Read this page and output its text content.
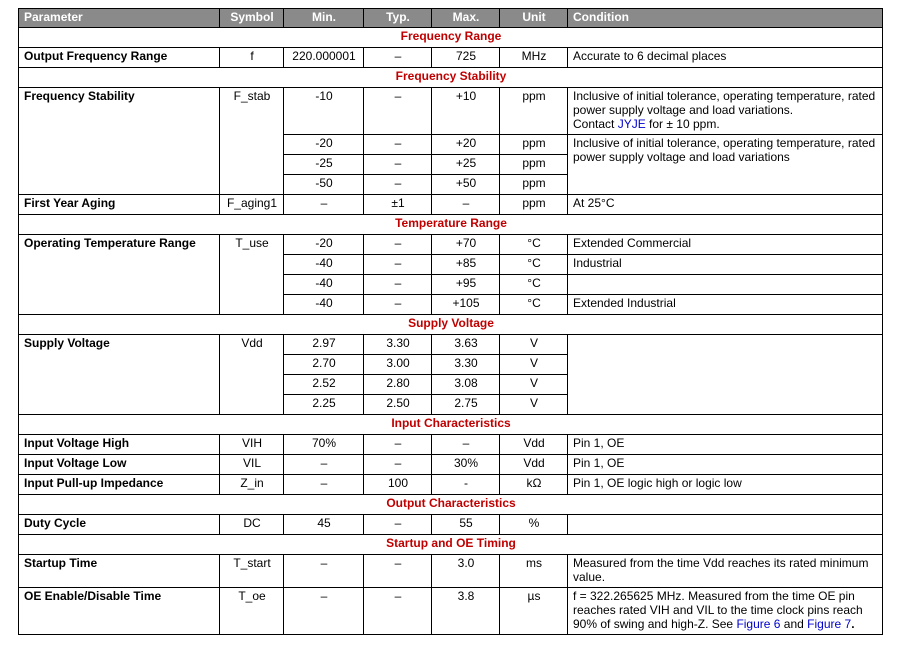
Parameter	Symbol	Min.	Typ.	Max.	Unit	Condition
Frequency Range						
Output Frequency Range	f	220.000001	–	725	MHz	Accurate to 6 decimal places
Frequency Stability						
Frequency Stability	F_stab	-10	–	+10	ppm	Inclusive of initial tolerance, operating temperature, rated power supply voltage and load variations.
Contact JYJE for ± 10 ppm.
		-20	–	+20	ppm	Inclusive of initial tolerance, operating temperature, rated power supply voltage and load variations
		-25	–	+25	ppm	
		-50	–	+50	ppm	
First Year Aging	F_aging1	–	±1	–	ppm	At 25°C
Temperature Range						
Operating Temperature Range	T_use	-20	–	+70	°C	Extended Commercial
		-40	–	+85	°C	Industrial
		-40	–	+95	°C	
		-40	–	+105	°C	Extended Industrial
Supply Voltage						
Supply Voltage	Vdd	2.97	3.30	3.63	V	
		2.70	3.00	3.30	V	
		2.52	2.80	3.08	V	
		2.25	2.50	2.75	V	
Input Characteristics						
Input Voltage High	VIH	70%	–	–	Vdd	Pin 1, OE
Input Voltage Low	VIL	–	–	30%	Vdd	Pin 1, OE
Input Pull-up Impedance	Z_in	–	100	-	kΩ	Pin 1, OE logic high or logic low
Output Characteristics						
Duty Cycle	DC	45	–	55	%	
Startup and OE Timing						
Startup Time	T_start	–	–	3.0	ms	Measured from the time Vdd reaches its rated minimum value.
OE Enable/Disable Time	T_oe	–	–	3.8	µs	f = 322.265625 MHz. Measured from the time OE pin reaches rated VIH and VIL to the time clock pins reach 90% of swing and high-Z. See Figure 6 and Figure 7.
